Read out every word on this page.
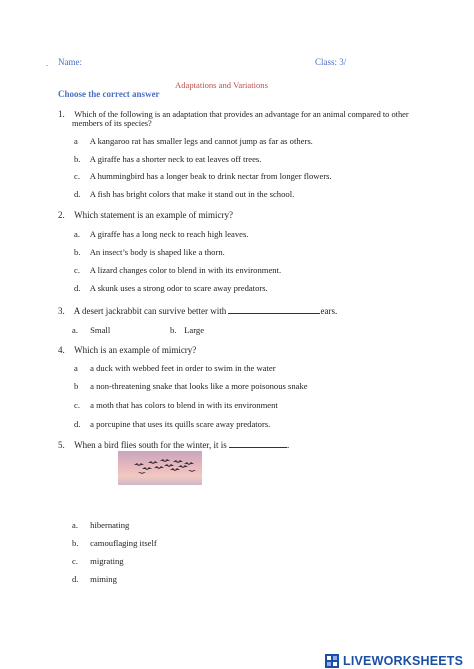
. Name:	Class: 3/
Adaptations and Variations
Choose the correct answer
1. Which of the following is an adaptation that provides an advantage for an animal compared to other
members of its species?
a A kangaroo rat has smaller legs and cannot jump as far as others.
b. A giraffe has a shorter neck to eat leaves off trees.
c. A hummingbird has a longer beak to drink nectar from longer flowers.
d. A fish has bright colors that make it stand out in the school.
2. Which statement is an example of mimicry?
a. A giraffe has a long neck to reach high leaves.
b. An insect’s body is shaped like a thorn.
c. A lizard changes color to blend in with its environment.
d. A skunk uses a strong odor to scare away predators.
3. A desert jackrabbit can survive better with	ears.
a. Small	b. Large
4. Which is an example of mimicry?
a a duck with webbed feet in order to swim in the water
b a non-threatening snake that looks like a more poisonous snake
c. a moth that has colors to blend in with its environment
d. a porcupine that uses its quills scare away predators.
5. When a bird flies south for the winter, it is	.
a. hibernating
b. camouflaging itself
c. migrating
d. miming
LIVEWORKSHEETS
